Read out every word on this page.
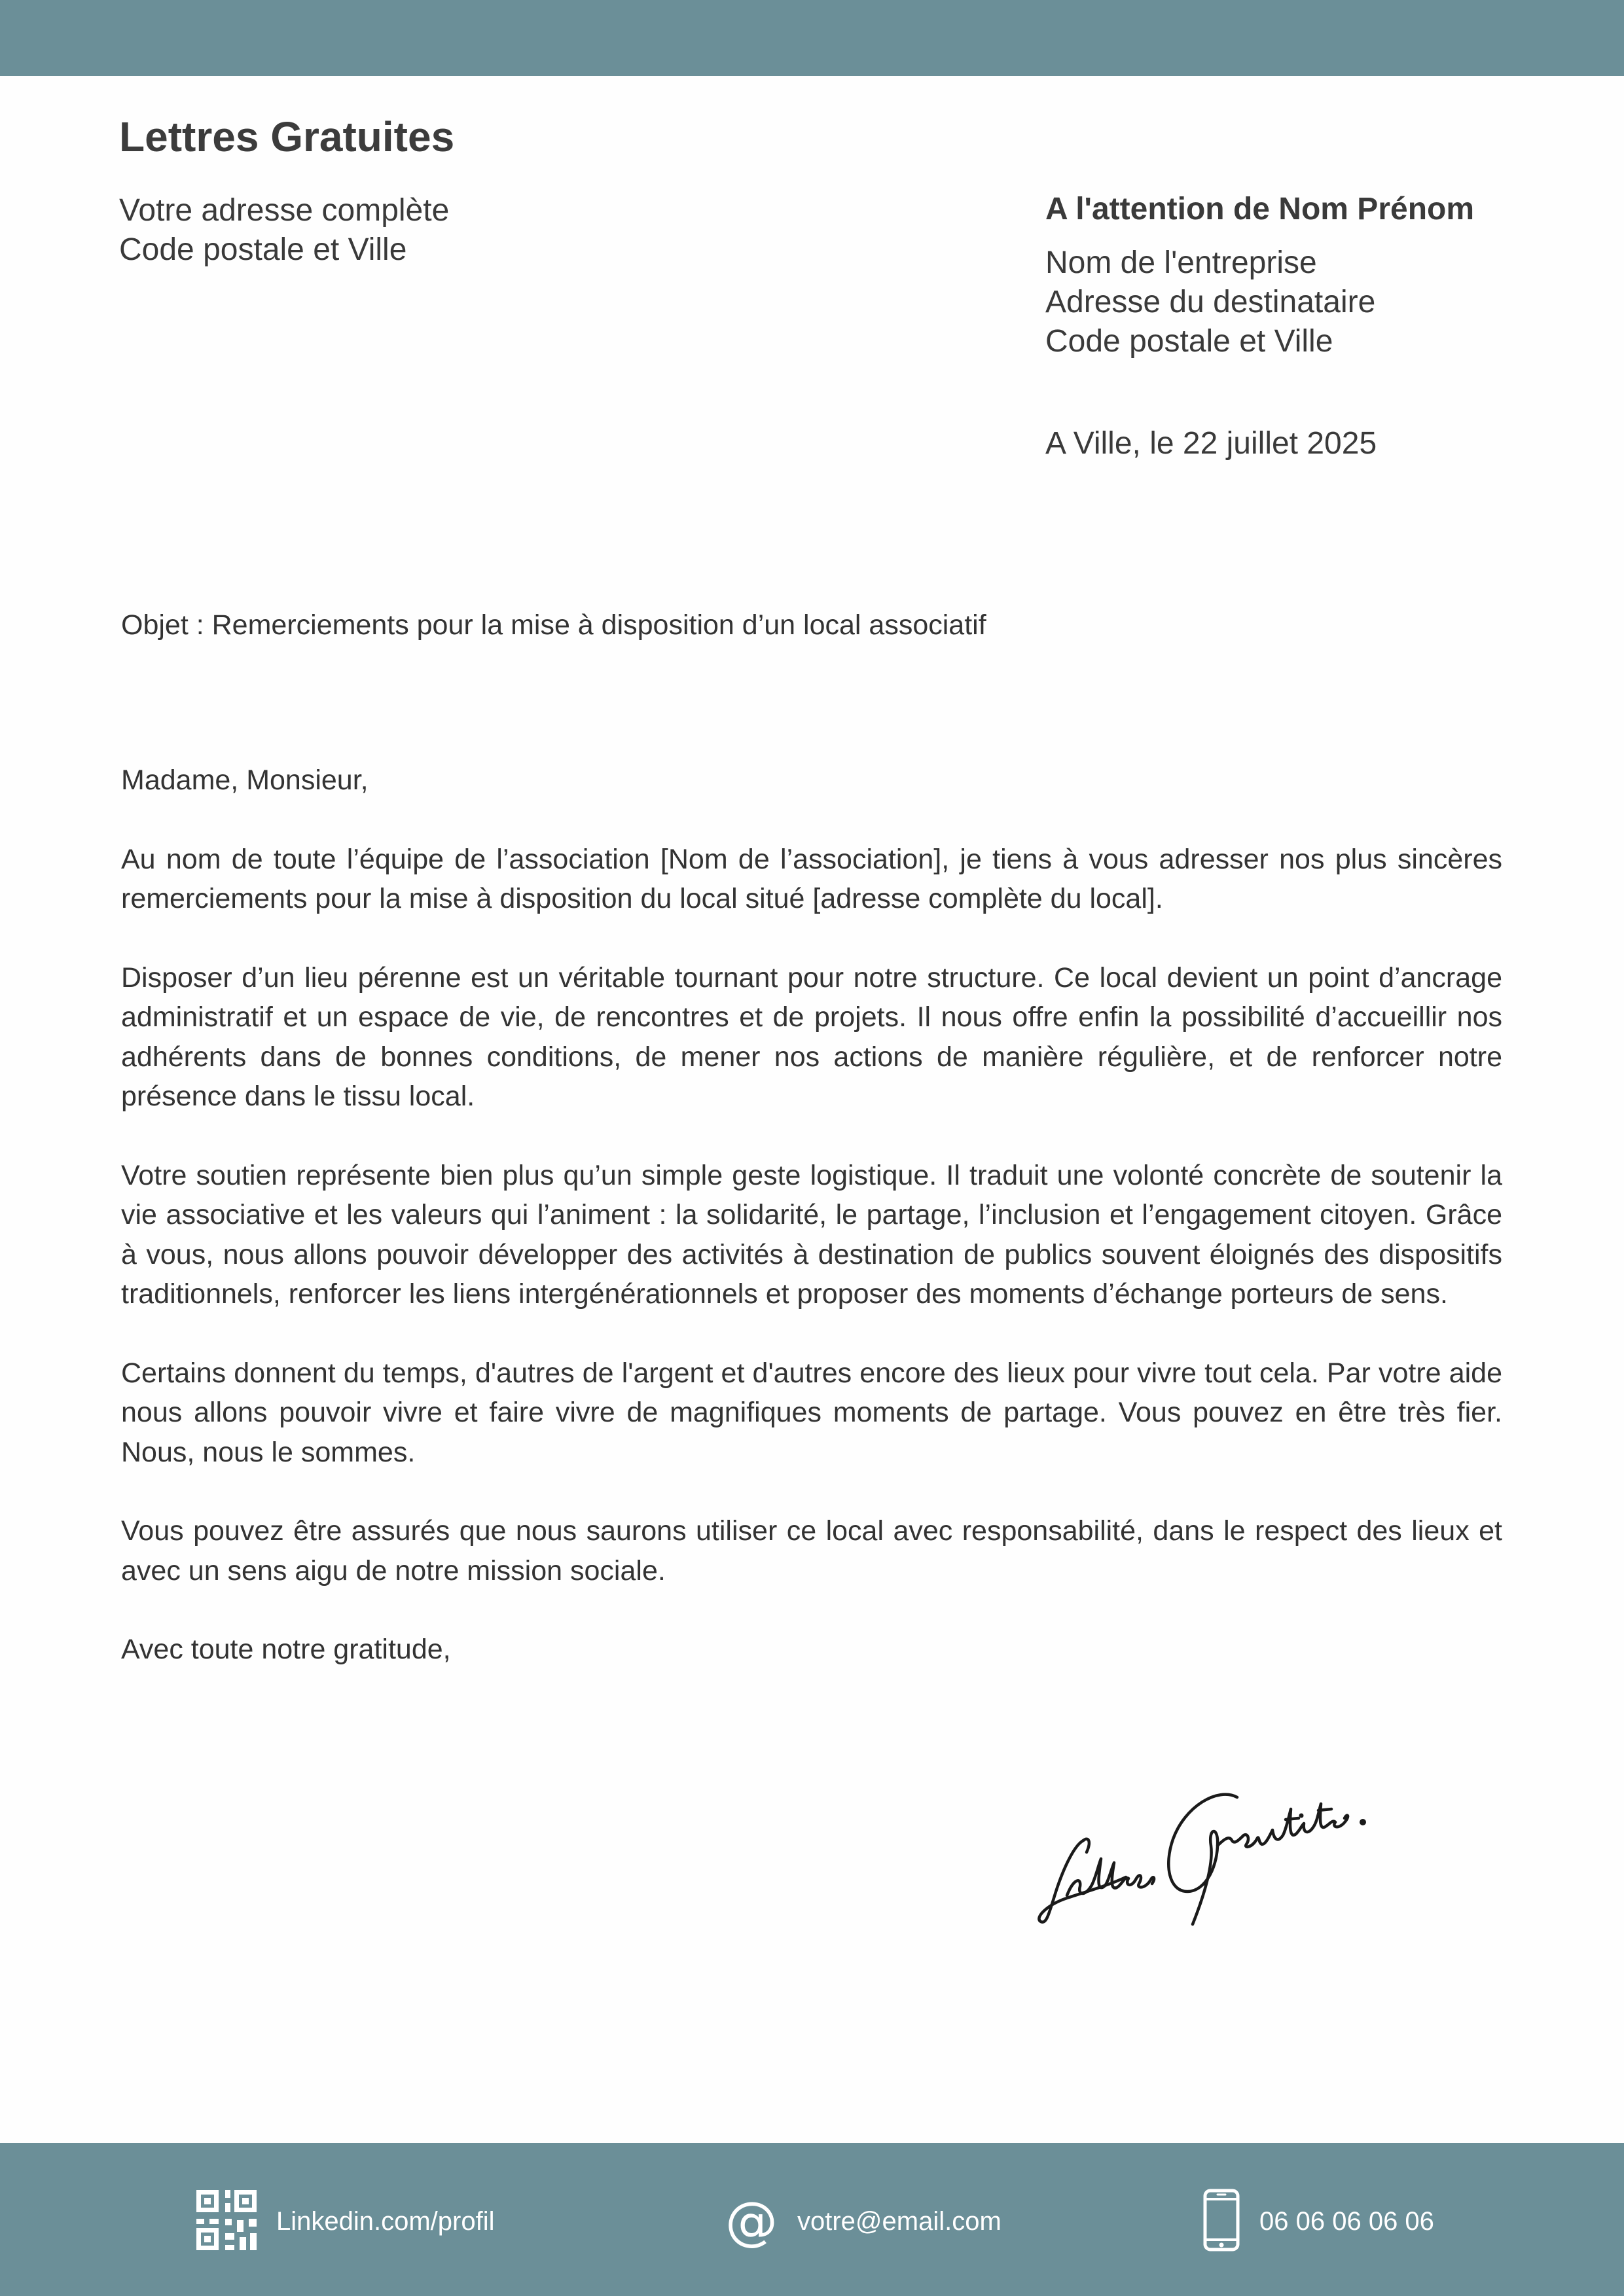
Lettres Gratuites
Votre adresse complète
Code postale et Ville
A l'attention de Nom Prénom
Nom de l'entreprise
Adresse du destinataire
Code postale et Ville
A Ville, le 22 juillet 2025
Objet : Remerciements pour la mise à disposition d’un local associatif

Madame, Monsieur,

Au nom de toute l’équipe de l’association [Nom de l’association], je tiens à vous adresser nos plus sincères remerciements pour la mise à disposition du local situé [adresse complète du local].

Disposer d’un lieu pérenne est un véritable tournant pour notre structure. Ce local devient un point d’ancrage administratif et un espace de vie, de rencontres et de projets. Il nous offre enfin la possibilité d’accueillir nos adhérents dans de bonnes conditions, de mener nos actions de manière régulière, et de renforcer notre présence dans le tissu local.

Votre soutien représente bien plus qu’un simple geste logistique. Il traduit une volonté concrète de soutenir la vie associative et les valeurs qui l’animent : la solidarité, le partage, l’inclusion et l’engagement citoyen. Grâce à vous, nous allons pouvoir développer des activités à destination de publics souvent éloignés des dispositifs traditionnels, renforcer les liens intergénérationnels et proposer des moments d’échange porteurs de sens.

Certains donnent du temps, d'autres de l'argent et d'autres encore des lieux pour vivre tout cela. Par votre aide nous allons pouvoir vivre et faire vivre de magnifiques moments de partage. Vous pouvez en être très fier. Nous, nous le sommes.

Vous pouvez être assurés que nous saurons utiliser ce local avec responsabilité, dans le respect des lieux et avec un sens aigu de notre mission sociale.

Avec toute notre gratitude,

Linkedin.com/profil	@ votre@email.com	06 06 06 06 06
